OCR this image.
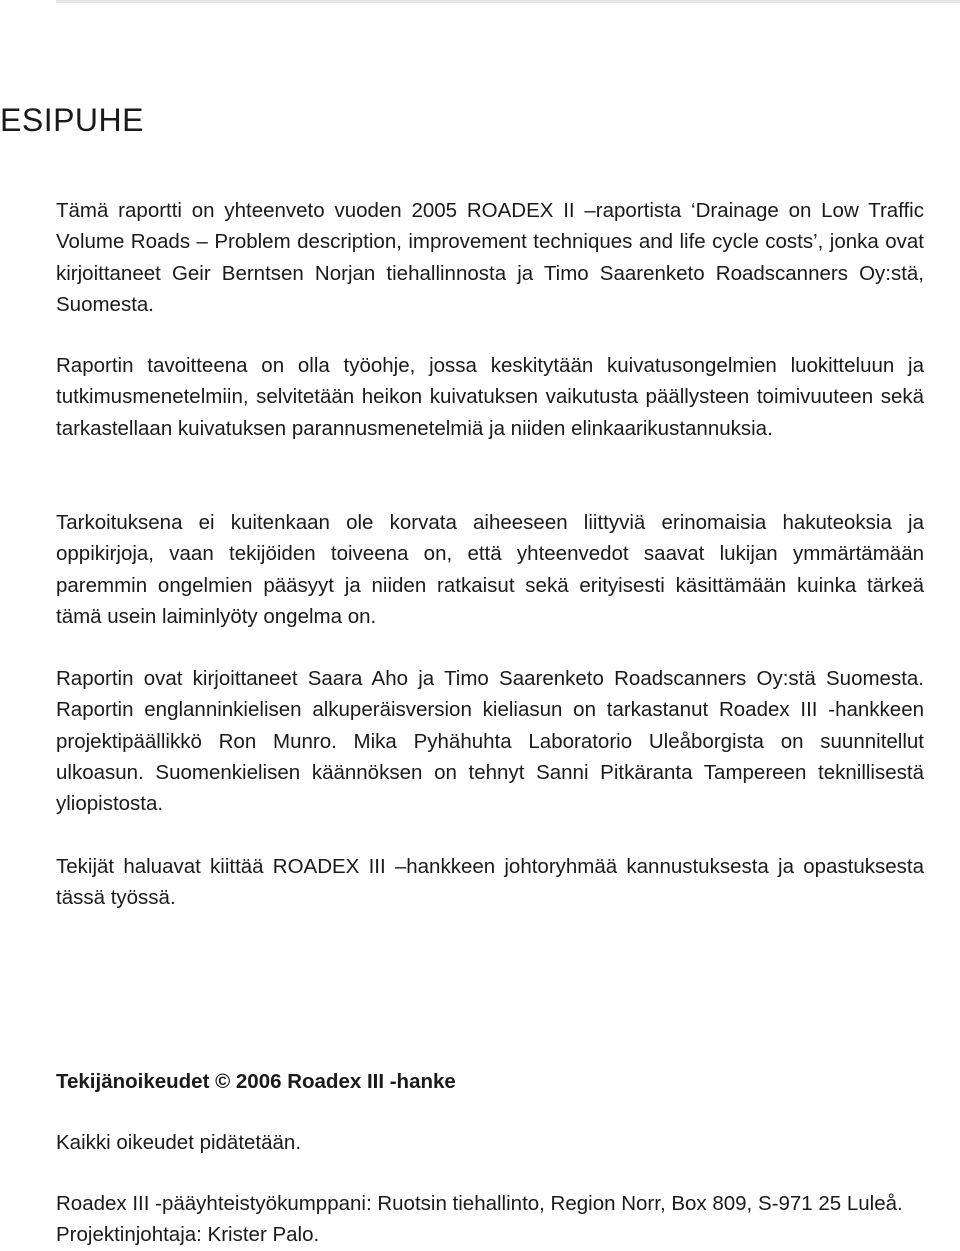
ESIPUHE

Tämä raportti on yhteenveto vuoden 2005 ROADEX II –raportista ‘Drainage on Low Traffic Volume Roads – Problem description, improvement techniques and life cycle costs’, jonka ovat kirjoittaneet Geir Berntsen Norjan tiehallinnosta ja Timo Saarenketo Roadscanners Oy:stä, Suomesta.

Raportin tavoitteena on olla työohje, jossa keskitytään kuivatusongelmien luokitteluun ja tutkimusmenetelmiin, selvitetään heikon kuivatuksen vaikutusta päällysteen toimivuuteen sekä tarkastellaan kuivatuksen parannusmenetelmiä ja niiden elinkaarikustannuksia.

Tarkoituksena ei kuitenkaan ole korvata aiheeseen liittyviä erinomaisia hakuteoksia ja oppikirjoja, vaan tekijöiden toiveena on, että yhteenvedot saavat lukijan ymmärtämään paremmin ongelmien pääsyyt ja niiden ratkaisut sekä erityisesti käsittämään kuinka tärkeä tämä usein laiminlyöty ongelma on.

Raportin ovat kirjoittaneet Saara Aho ja Timo Saarenketo Roadscanners Oy:stä Suomesta. Raportin englanninkielisen alkuperäisversion kieliasun on tarkastanut Roadex III -hankkeen projektipäällikkö Ron Munro. Mika Pyhähuhta Laboratorio Uleåborgista on suunnitellut ulkoasun. Suomenkielisen käännöksen on tehnyt Sanni Pitkäranta Tampereen teknillisestä yliopistosta.

Tekijät haluavat kiittää ROADEX III –hankkeen johtoryhmää kannustuksesta ja opastuksesta tässä työssä.

Tekijänoikeudet © 2006 Roadex III -hanke

Kaikki oikeudet pidätetään.

Roadex III -pääyhteistyökumppani: Ruotsin tiehallinto, Region Norr, Box 809, S-971 25 Luleå. Projektinjohtaja: Krister Palo.
